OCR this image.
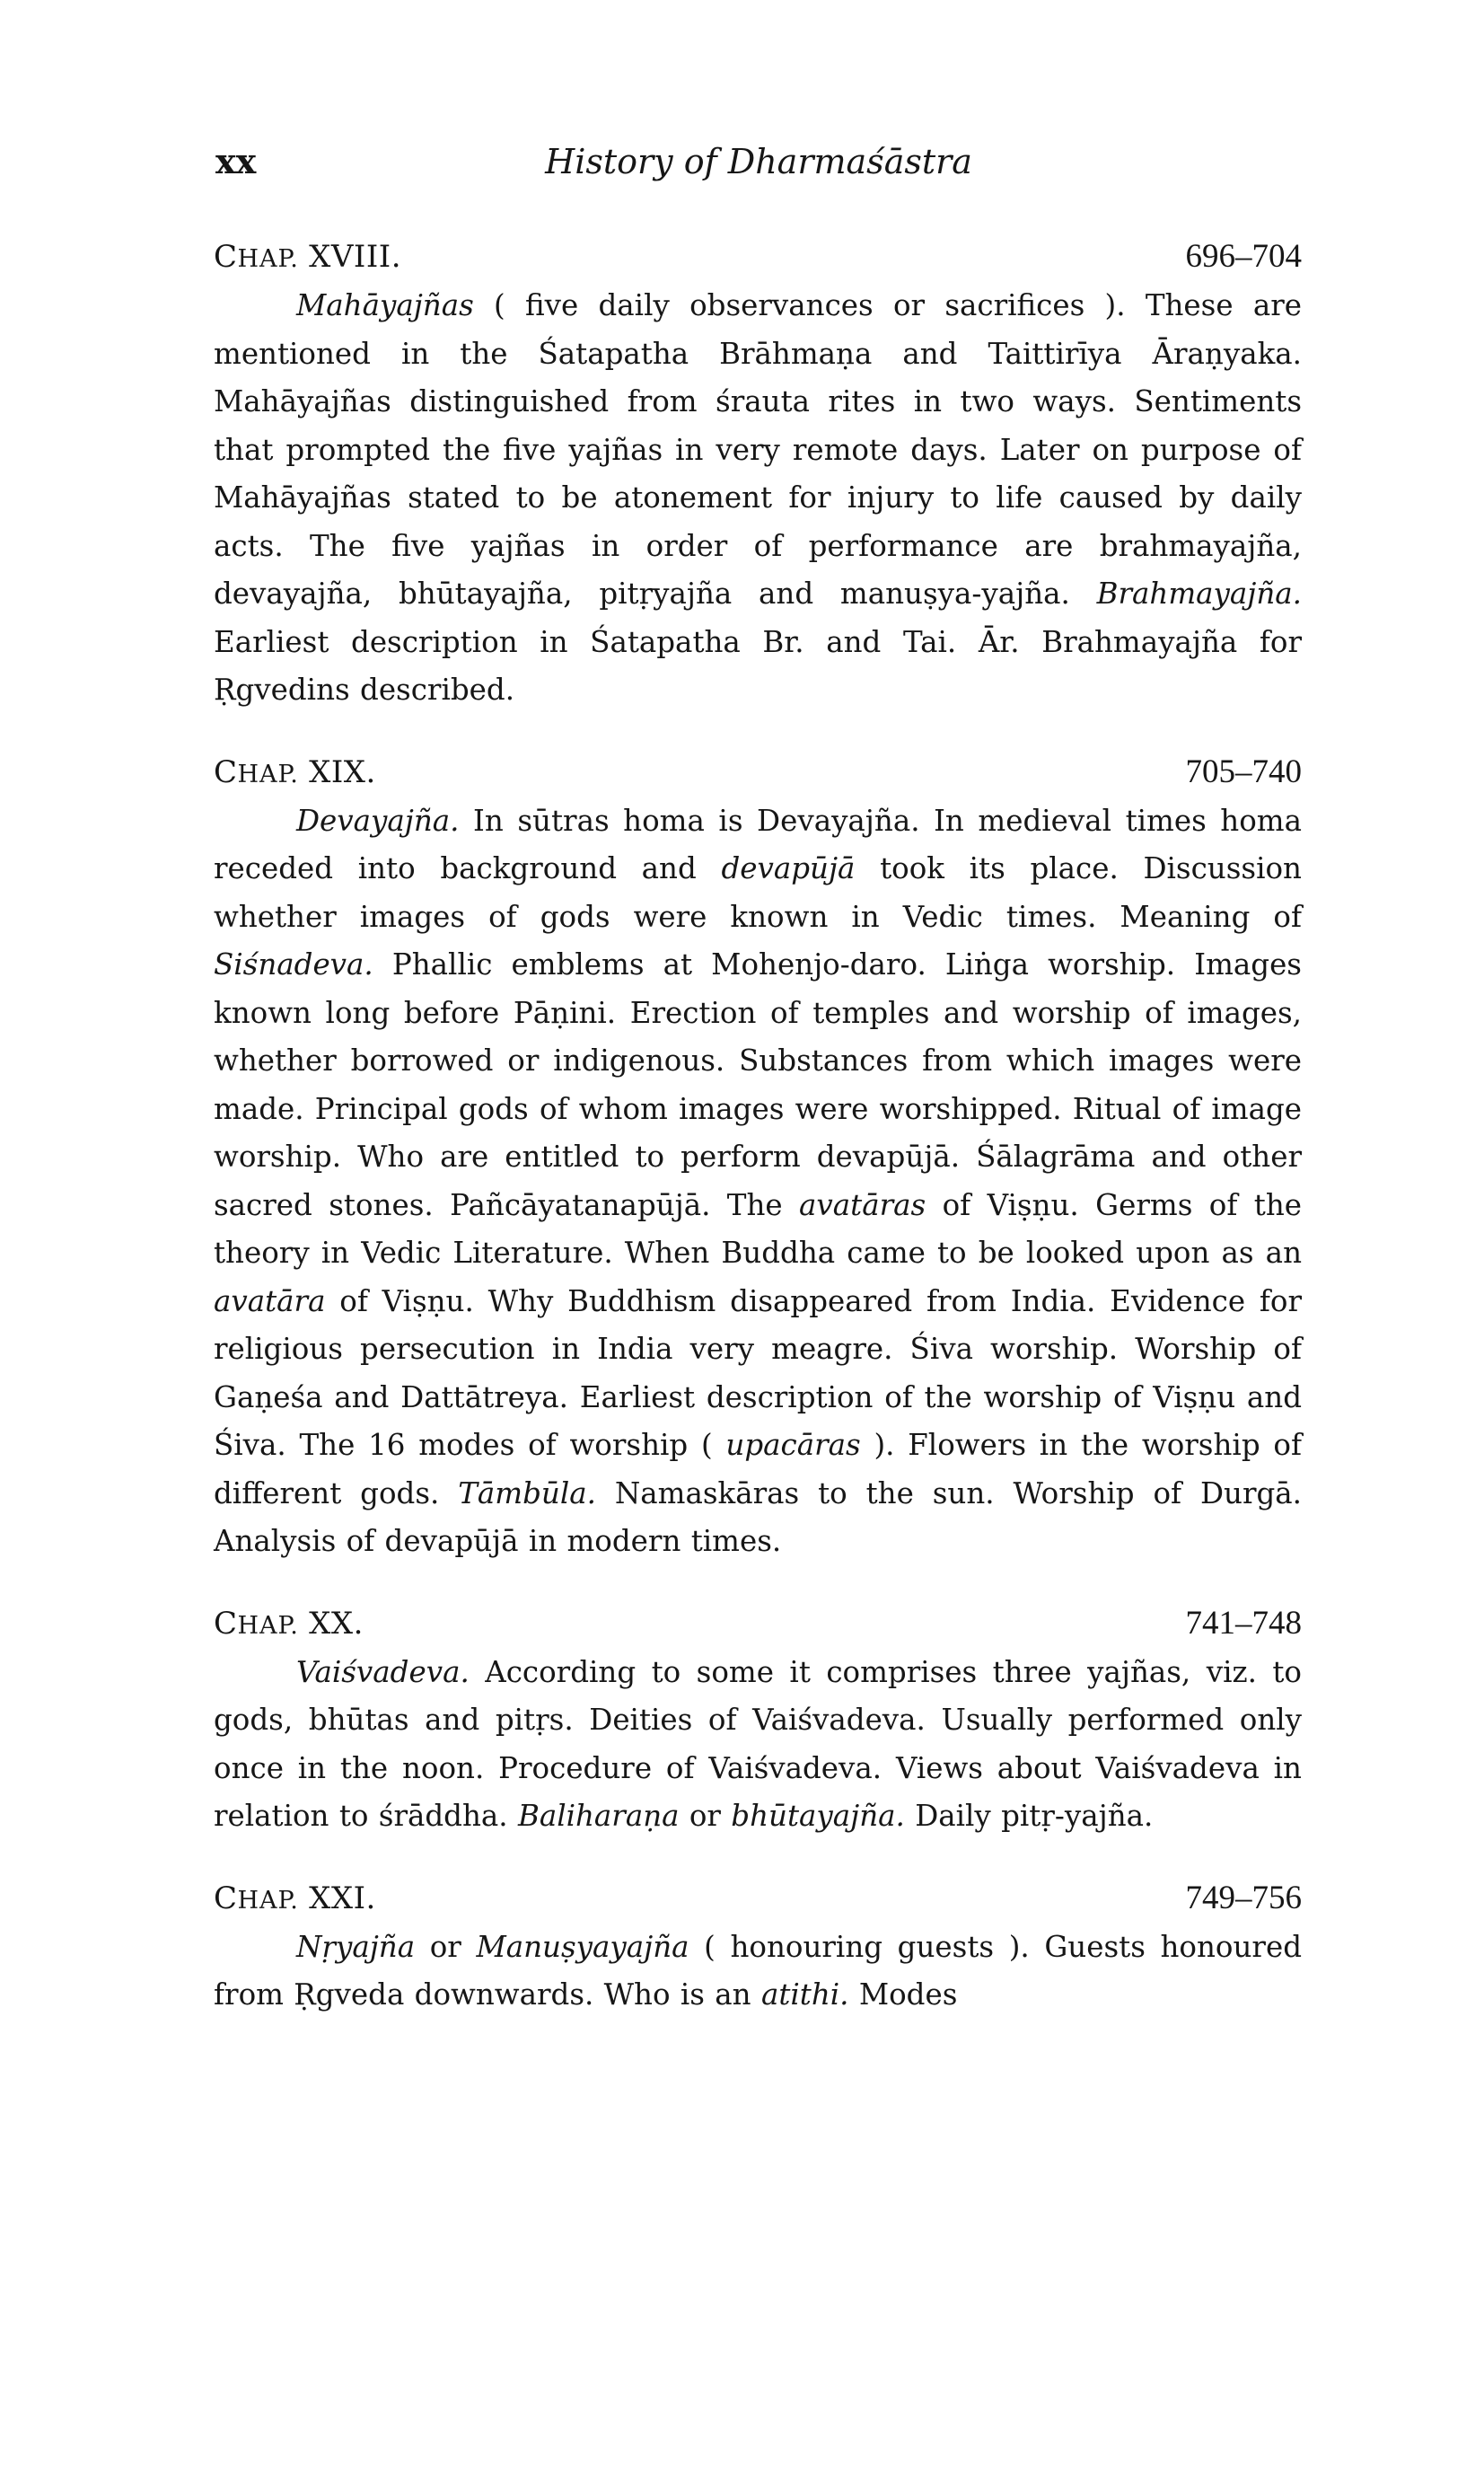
xx	History of Dharmaśāstra
CHAP. XVIII.	696–704

Mahāyajñas ( five daily observances or sacrifices ). These are mentioned in the Śatapatha Brāhmaṇa and Taittirīya Āraṇyaka. Mahāyajñas distinguished from śrauta rites in two ways. Sentiments that prompted the five yajñas in very remote days. Later on purpose of Mahāyajñas stated to be atonement for injury to life caused by daily acts. The five yajñas in order of performance are brahmayajña, devayajña, bhūtayajña, pitṛyajña and manuṣya-yajña. Brahmayajña. Earliest description in Śatapatha Br. and Tai. Ār. Brahmayajña for Ṛgvedins described.

CHAP. XIX.	705–740

Devayajña. In sūtras homa is Devayajña. In medieval times homa receded into background and devapūjā took its place. Discussion whether images of gods were known in Vedic times. Meaning of Siśnadeva. Phallic emblems at Mohenjo-daro. Liṅga worship. Images known long before Pāṇini. Erection of temples and worship of images, whether borrowed or indigenous. Substances from which images were made. Principal gods of whom images were worshipped. Ritual of image worship. Who are entitled to perform devapūjā. Śālagrāma and other sacred stones. Pañcāyatanapūjā. The avatāras of Viṣṇu. Germs of the theory in Vedic Literature. When Buddha came to be looked upon as an avatāra of Viṣṇu. Why Buddhism disappeared from India. Evidence for religious persecution in India very meagre. Śiva worship. Worship of Gaṇeśa and Dattātreya. Earliest description of the worship of Viṣṇu and Śiva. The 16 modes of worship ( upacāras ). Flowers in the worship of different gods. Tāmbūla. Namaskāras to the sun. Worship of Durgā. Analysis of devapūjā in modern times.

CHAP. XX.	741–748

Vaiśvadeva. According to some it comprises three yajñas, viz. to gods, bhūtas and pitṛs. Deities of Vaiśvadeva. Usually performed only once in the noon. Procedure of Vaiśvadeva. Views about Vaiśvadeva in relation to śrāddha. Baliharaṇa or bhūtayajña. Daily pitṛ-yajña.

CHAP. XXI.	749–756

Nṛyajña or Manuṣyayajña ( honouring guests ). Guests honoured from Ṛgveda downwards. Who is an atithi. Modes
